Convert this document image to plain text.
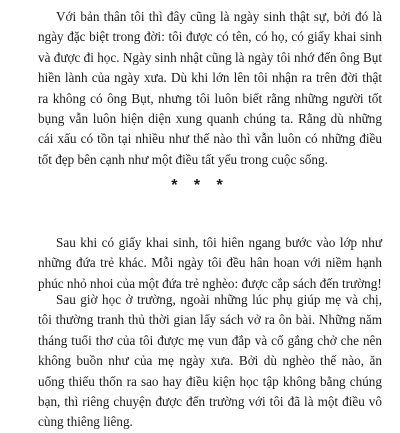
Với bản thân tôi thì đây cũng là ngày sinh thật sự, bởi đó là ngày đặc biệt trong đời: tôi được có tên, có họ, có giấy khai sinh và được đi học. Ngày sinh nhật cũng là ngày tôi nhớ đến ông Bụt hiền lành của ngày xưa. Dù khi lớn lên tôi nhận ra trên đời thật ra không có ông Bụt, nhưng tôi luôn biết rằng những người tốt bụng vẫn luôn hiện diện xung quanh chúng ta. Rằng dù những cái xấu có tồn tại nhiều như thế nào thì vẫn luôn có những điều tốt đẹp bên cạnh như một điều tất yếu trong cuộc sống.

* * *

Sau khi có giấy khai sinh, tôi hiên ngang bước vào lớp như những đứa trẻ khác. Mỗi ngày tôi đều hân hoan với niềm hạnh phúc nhỏ nhoi của một đứa trẻ nghèo: được cắp sách đến trường!

Sau giờ học ở trường, ngoài những lúc phụ giúp mẹ và chị, tôi thường tranh thủ thời gian lấy sách vở ra ôn bài. Những năm tháng tuổi thơ của tôi được mẹ vun đắp và cố gắng chở che nên không buồn như của mẹ ngày xưa. Bởi dù nghèo thế nào, ăn uống thiếu thốn ra sao hay điều kiện học tập không bằng chúng bạn, thì riêng chuyện được đến trường với tôi đã là một điều vô cùng thiêng liêng.
